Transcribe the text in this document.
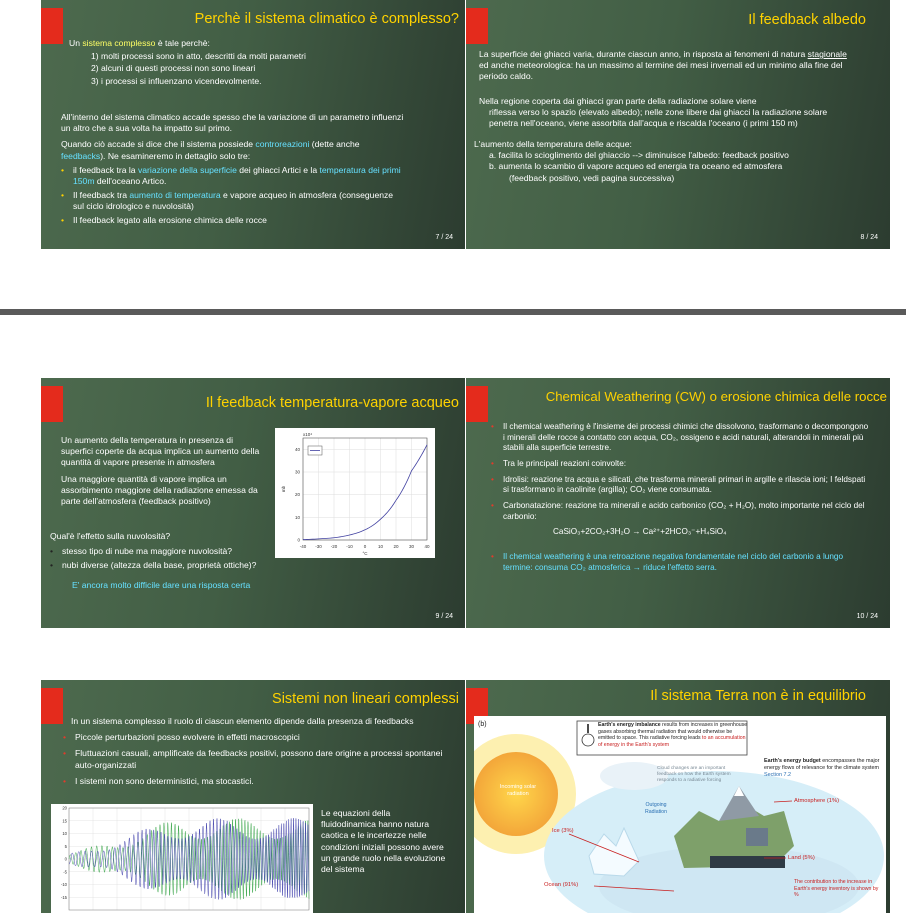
Perchè il sistema climatico è complesso?
Un sistema complesso è tale perchè:
1) molti processi sono in atto, descritti da molti parametri
2) alcuni di questi processi non sono lineari
3) i processi si influenzano vicendevolmente.
All'interno del sistema climatico accade spesso che la variazione di un parametro influenzi un altro che a sua volta ha impatto sul primo.
Quando ciò accade si dice che il sistema possiede controreazioni (dette anche feedbacks). Ne esamineremo in dettaglio solo tre:
• il feedback tra la variazione della superficie dei ghiacci Artici e la temperatura dei primi 150m dell'oceano Artico.
• Il feedback tra aumento di temperatura e vapore acqueo in atmosfera (conseguenze sul ciclo idrologico e nuvolosità)
• Il feedback legato alla erosione chimica delle rocce
7 / 24
Il feedback albedo
La superficie dei ghiacci varia, durante ciascun anno, in risposta ai fenomeni di natura stagionale ed anche meteorologica: ha un massimo al termine dei mesi invernali ed un minimo alla fine del periodo caldo.
Nella regione coperta dai ghiacci gran parte della radiazione solare viene
riflessa verso lo spazio (elevato albedo); nelle zone libere dai ghiacci la radiazione solare penetra nell'oceano, viene assorbita dall'acqua e riscalda l'oceano (i primi 150 m)
L'aumento della temperatura delle acque:
a. facilita lo scioglimento del ghiaccio --> diminuisce l'albedo: feedback positivo
b. aumenta lo scambio di vapore acqueo ed energia tra oceano ed atmosfera
(feedback positivo, vedi pagina successiva)
8 / 24
Il feedback temperatura-vapore acqueo
Un aumento della temperatura in presenza di superfici coperte da acqua implica un aumento della quantità di vapore presente in atmosfera
Una maggiore quantità di vapore implica un assorbimento maggiore della radiazione emessa da parte dell'atmosfera (feedback positivo)
Qual'è l'effetto sulla nuvolosità?
• stesso tipo di nube ma maggiore nuvolosità?
• nubi diverse (altezza della base, proprietà ottiche)?
E' ancora molto difficile dare una risposta certa
-40 -30 -20 -10 0	10 20 30 40
0
10
20
30
40
x10⁴
°C
mb
9 / 24
Chemical Weathering (CW) o erosione chimica delle rocce
• Il chemical weathering è l'insieme dei processi chimici che dissolvono, trasformano o decompongono i minerali delle rocce a contatto con acqua, CO₂, ossigeno e acidi naturali, alterandoli in minerali più stabili alla superficie terrestre.
• Tra le principali reazioni coinvolte:
• Idrolisi: reazione tra acqua e silicati, che trasforma minerali primari in argille e rilascia ioni; I feldspati si trasformano in caolinite (argilla); CO₂ viene consumata.
• Carbonatazione: reazione tra minerali e acido carbonico (CO₂ + H₂O), molto importante nel ciclo del carbonio:
CaSiO₃+2CO₂+3H₂O → Ca²⁺+2HCO₃⁻+H₄SiO₄
• Il chemical weathering è una retroazione negativa fondamentale nel ciclo del carbonio a lungo termine: consuma CO₂ atmosferica → riduce l'effetto serra.
10 / 24
Sistemi non lineari complessi
In un sistema complesso il ruolo di ciascun elemento dipende dalla presenza di feedbacks
• Piccole perturbazioni posso evolvere in effetti macroscopici
• Fluttuazioni casuali, amplificate da feedbacks positivi, possono dare origine a processi spontanei auto-organizzati
• I sistemi non sono deterministici, ma stocastici.
20
15
10
5
0
-5
-10
-15
Le equazioni della fluidodinamica hanno natura caotica e le incertezze nelle condizioni iniziali possono avere un grande ruolo nella evoluzione del sistema
Il sistema Terra non è in equilibrio
(b)	Earth's energy imbalance results from increases in greenhouse gases absorbing thermal radiation that would otherwise be emitted to space. This radiative forcing leads to an accumulation of energy in the Earth's system
Earth's energy budget encompasses the major energy flows of relevance for the climate system Section 7.2
Incoming solar radiation
Cloud changes are an important feedback on how the Earth system responds to a radiative forcing
Outgoing Radiation
Atmosphere (1%)
Ice (3%)
Land (5%)
Ocean (91%)	The contribution to the increase in Earth's energy inventory is shown by %
